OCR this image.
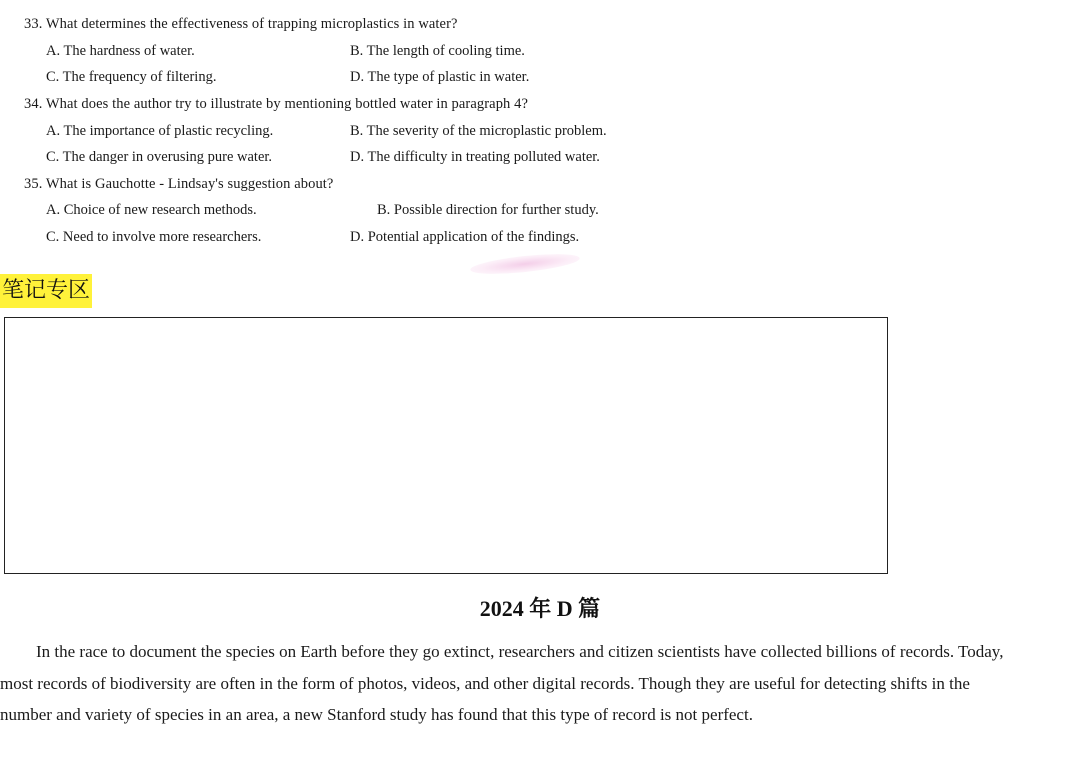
33. What determines the effectiveness of trapping microplastics in water?
A. The hardness of water.	B. The length of cooling time.
C. The frequency of filtering.	D. The type of plastic in water.
34. What does the author try to illustrate by mentioning bottled water in paragraph 4?
A. The importance of plastic recycling.	B. The severity of the microplastic problem.
C. The danger in overusing pure water.	D. The difficulty in treating polluted water.
35. What is Gauchotte - Lindsay's suggestion about?
A. Choice of new research methods.	B. Possible direction for further study.
C. Need to involve more researchers.	D. Potential application of the findings.
笔记专区
2024 年 D 篇
In the race to document the species on Earth before they go extinct, researchers and citizen scientists have collected billions of records. Today,
most records of biodiversity are often in the form of photos, videos, and other digital records. Though they are useful for detecting shifts in the
number and variety of species in an area, a new Stanford study has found that this type of record is not perfect.
